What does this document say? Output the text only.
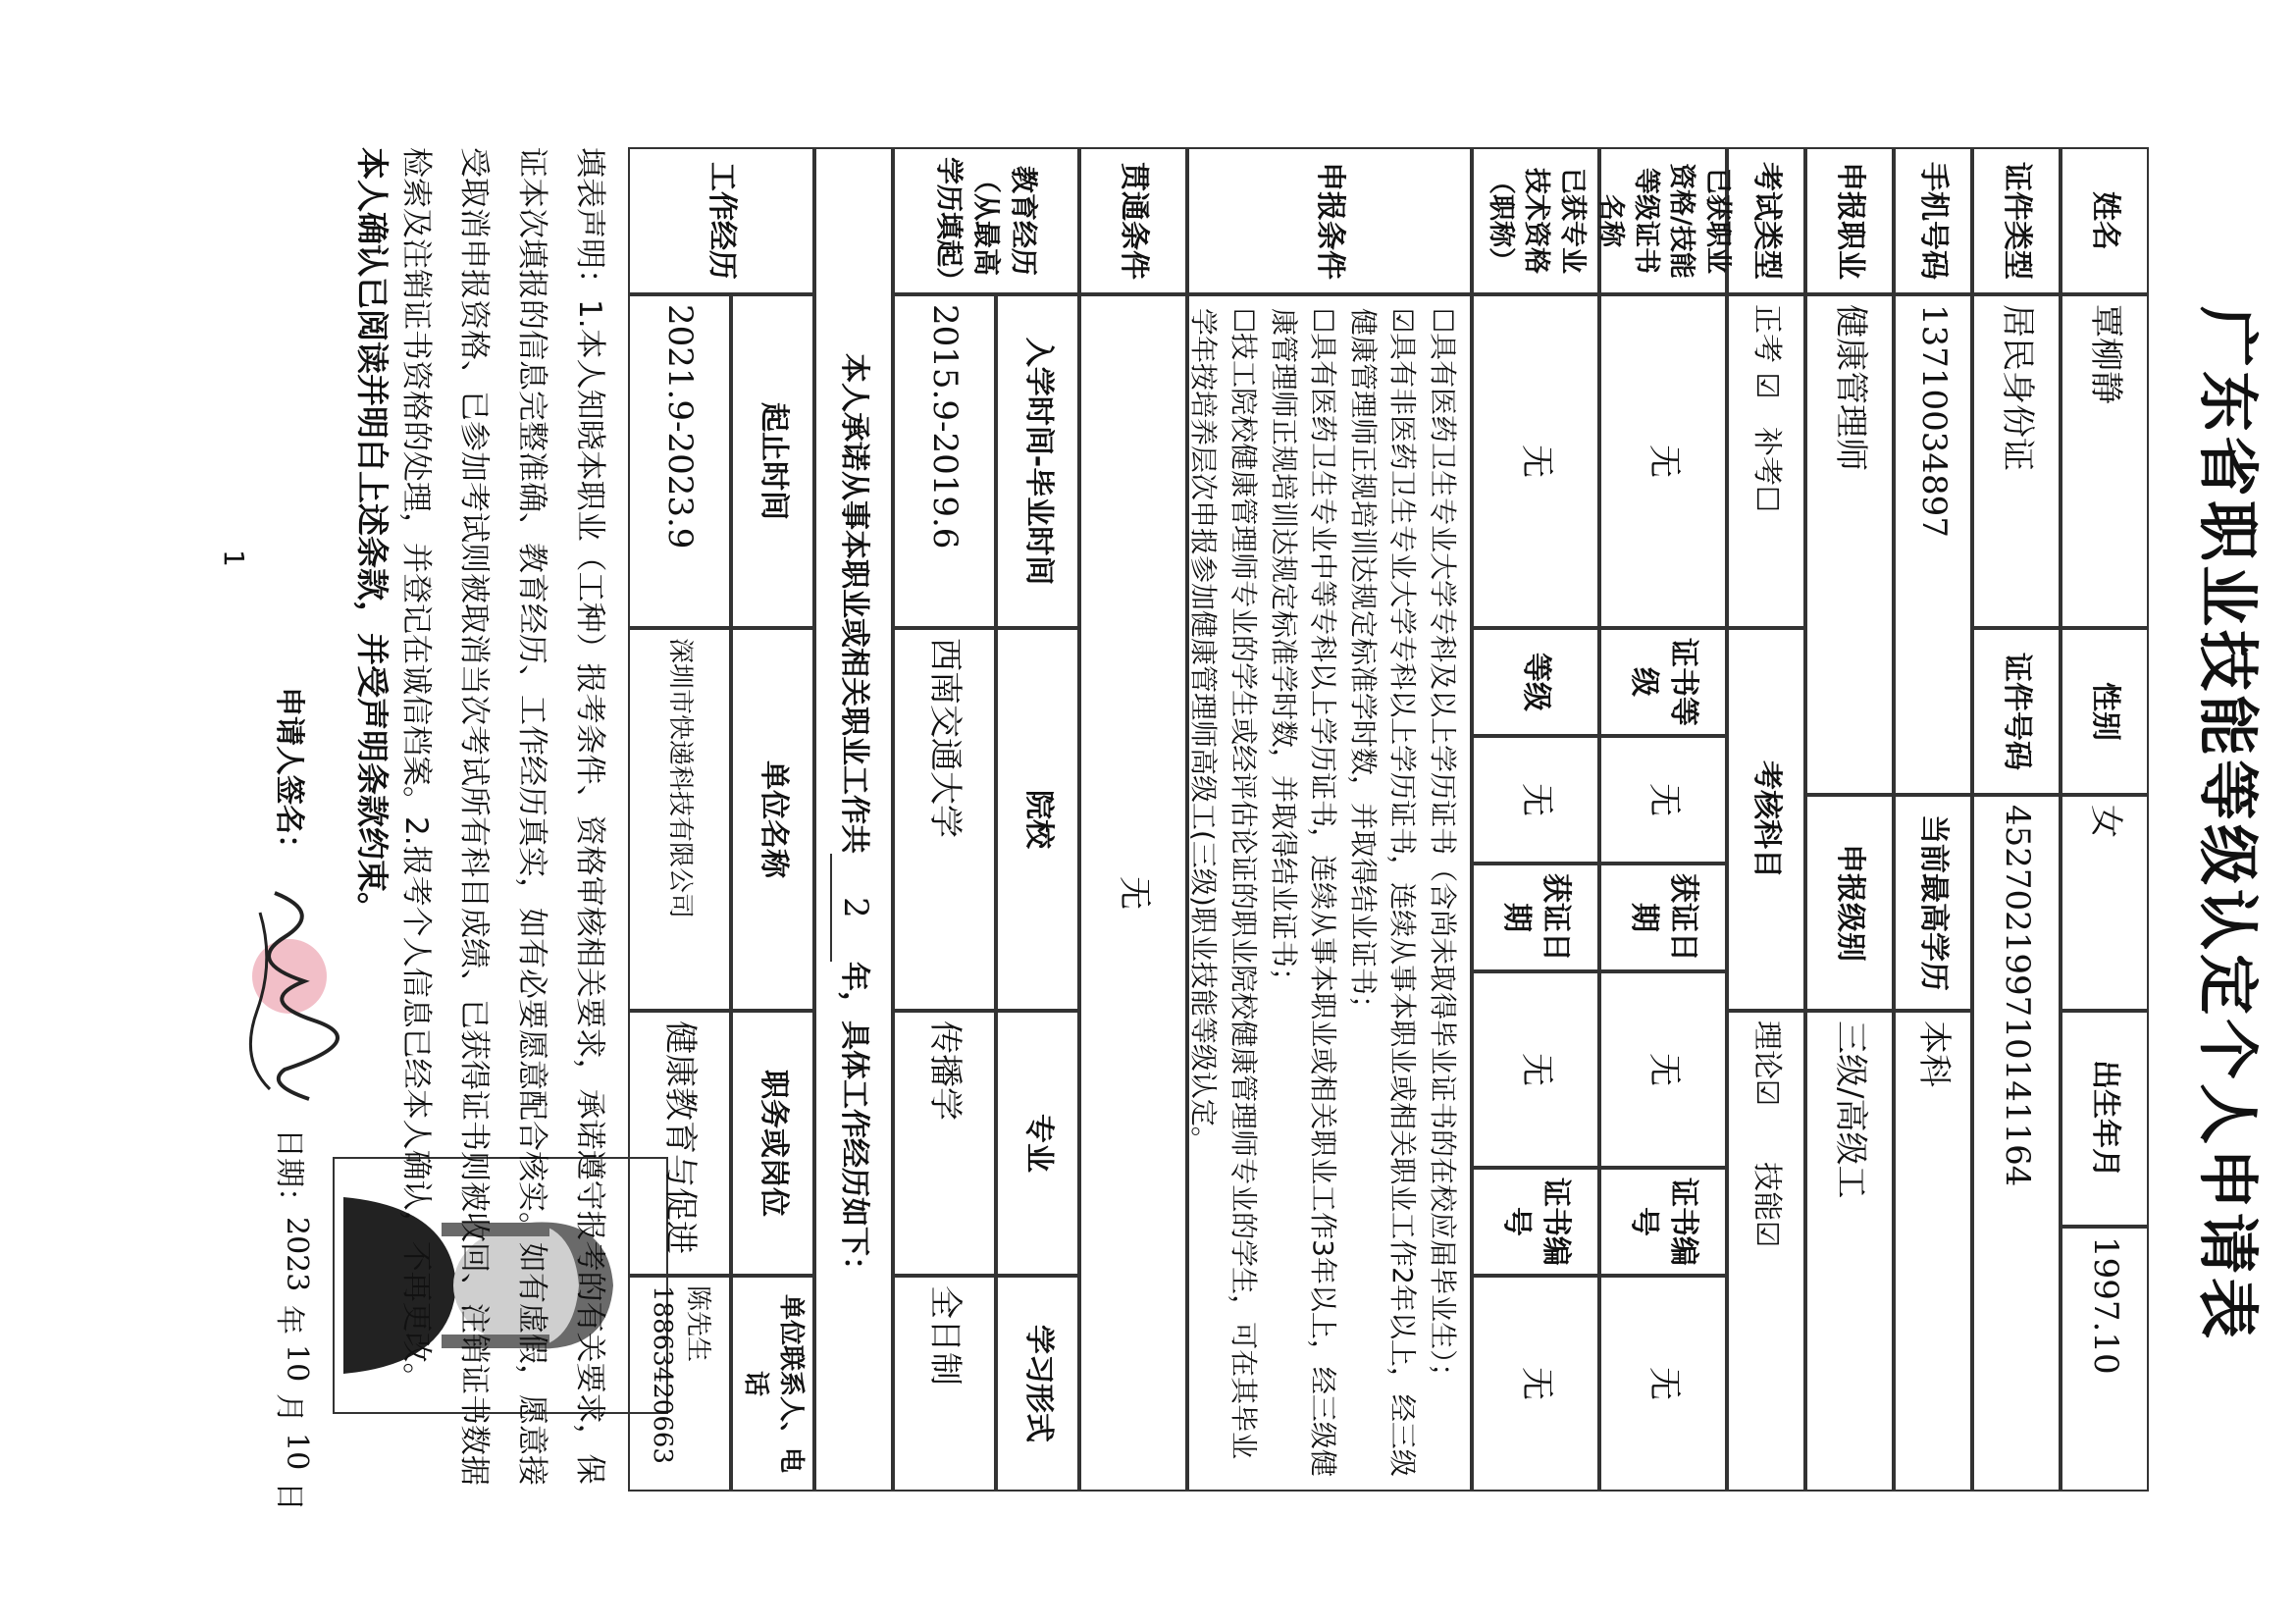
广东省职业技能等级认定个人申请表
姓名
覃柳静
性别
女
出生年月
1997.10
证件类型
居民身份证
证件号码
452702199710141164
手机号码
13710034897
当前最高学历
本科
申报职业
健康管理师
申报级别
三级/高级工
考试类型
正考 ☑

补考☐
考核科目
理论☑

技能☑
已获职业资格/技能等级证书名称
无
证书等级
无
获证日期
无
证书编号
无
已获专业技术资格（职称）
无
等级
无
获证日期
无
证书编号
无
申报条件
☐具有医药卫生专业大学专科及以上学历证书（含尚未取得毕业证书的在校应届毕业生）；
☑具有非医药卫生专业大学专科以上学历证书，连续从事本职业或相关职业工作2年以上，经三级健康管理师正规培训达规定标准学时数，并取得结业证书；
☐具有医药卫生专业中等专科以上学历证书，连续从事本职业或相关职业工作3年以上，经三级健康管理师正规培训达规定标准学时数，并取得结业证书；
☐技工院校健康管理师专业的学生或经评估论证的职业院校健康管理师专业的学生，可在其毕业学年按培养层次申报参加健康管理师高级工(三级)职业技能等级认定。
贯通条件
无
教育经历（从最高学历填起）
入学时间-毕业时间
院校
专业
学习形式
2015.9-2019.6
西南交通大学
传播学
全日制
本人承诺从事本职业或相关职业工作共
2
年，具体工作经历如下：
工作经历
起止时间
单位名称
职务或岗位
单位联系人、电话
2021.9-2023.9
深圳市快递科技有限公司
健康教育与促进
陈先生18863420663
填表声明：1.本人知晓本职业（工种）报考条件、资格审核相关要求，承诺遵守报考的有关要求，保证本次填报的信息完整准确、教育经历、工作经历真实，如有必要愿意配合核实。如有虚假，愿意接受取消申报资格、已参加考试则被取消当次考试所有科目成绩、已获得证书则被收回、注销证书数据检索及注销证书资格的处理，并登记在诚信档案。2.报考个人信息已经本人确认，不再更改。
本人确认已阅读并明白上述条款，并受声明条款约束。
申请人签名：
日期：
2023
年
10
月
10
日
1
